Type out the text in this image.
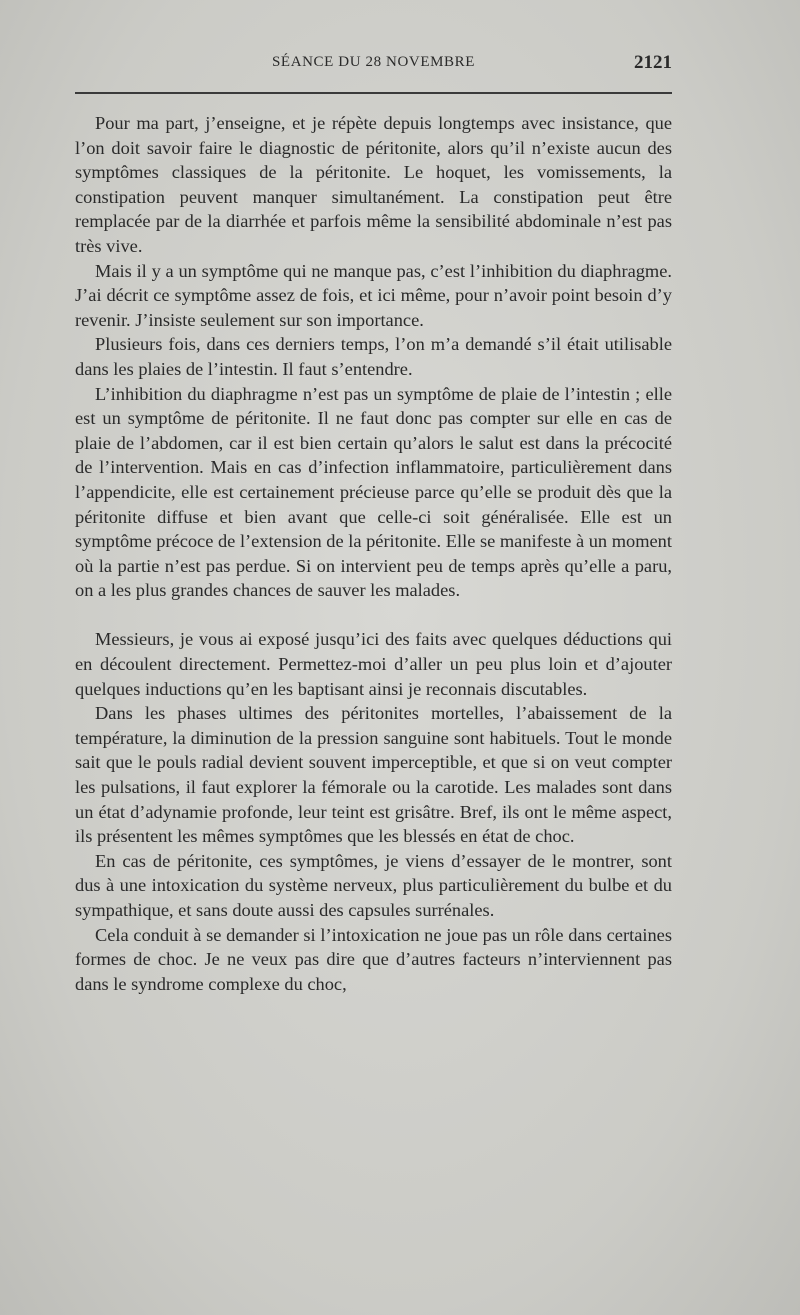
SÉANCE DU 28 NOVEMBRE	2121

Pour ma part, j’enseigne, et je répète depuis longtemps avec insistance, que l’on doit savoir faire le diagnostic de péritonite, alors qu’il n’existe aucun des symptômes classiques de la péritonite. Le hoquet, les vomissements, la constipation peuvent manquer simultanément. La constipation peut être remplacée par de la diarrhée et parfois même la sensibilité abdominale n’est pas très vive.

Mais il y a un symptôme qui ne manque pas, c’est l’inhibition du diaphragme. J’ai décrit ce symptôme assez de fois, et ici même, pour n’avoir point besoin d’y revenir. J’insiste seulement sur son importance.

Plusieurs fois, dans ces derniers temps, l’on m’a demandé s’il était utilisable dans les plaies de l’intestin. Il faut s’entendre.

L’inhibition du diaphragme n’est pas un symptôme de plaie de l’intestin ; elle est un symptôme de péritonite. Il ne faut donc pas compter sur elle en cas de plaie de l’abdomen, car il est bien certain qu’alors le salut est dans la précocité de l’intervention. Mais en cas d’infection inflammatoire, particulièrement dans l’appendicite, elle est certainement précieuse parce qu’elle se produit dès que la péritonite diffuse et bien avant que celle-ci soit généralisée. Elle est un symptôme précoce de l’extension de la péritonite. Elle se manifeste à un moment où la partie n’est pas perdue. Si on intervient peu de temps après qu’elle a paru, on a les plus grandes chances de sauver les malades.

Messieurs, je vous ai exposé jusqu’ici des faits avec quelques déductions qui en découlent directement. Permettez-moi d’aller un peu plus loin et d’ajouter quelques inductions qu’en les baptisant ainsi je reconnais discutables.

Dans les phases ultimes des péritonites mortelles, l’abaissement de la température, la diminution de la pression sanguine sont habituels. Tout le monde sait que le pouls radial devient souvent imperceptible, et que si on veut compter les pulsations, il faut explorer la fémorale ou la carotide. Les malades sont dans un état d’adynamie profonde, leur teint est grisâtre. Bref, ils ont le même aspect, ils présentent les mêmes symptômes que les blessés en état de choc.

En cas de péritonite, ces symptômes, je viens d’essayer de le montrer, sont dus à une intoxication du système nerveux, plus particulièrement du bulbe et du sympathique, et sans doute aussi des capsules surrénales.

Cela conduit à se demander si l’intoxication ne joue pas un rôle dans certaines formes de choc. Je ne veux pas dire que d’autres facteurs n’interviennent pas dans le syndrome complexe du choc,
